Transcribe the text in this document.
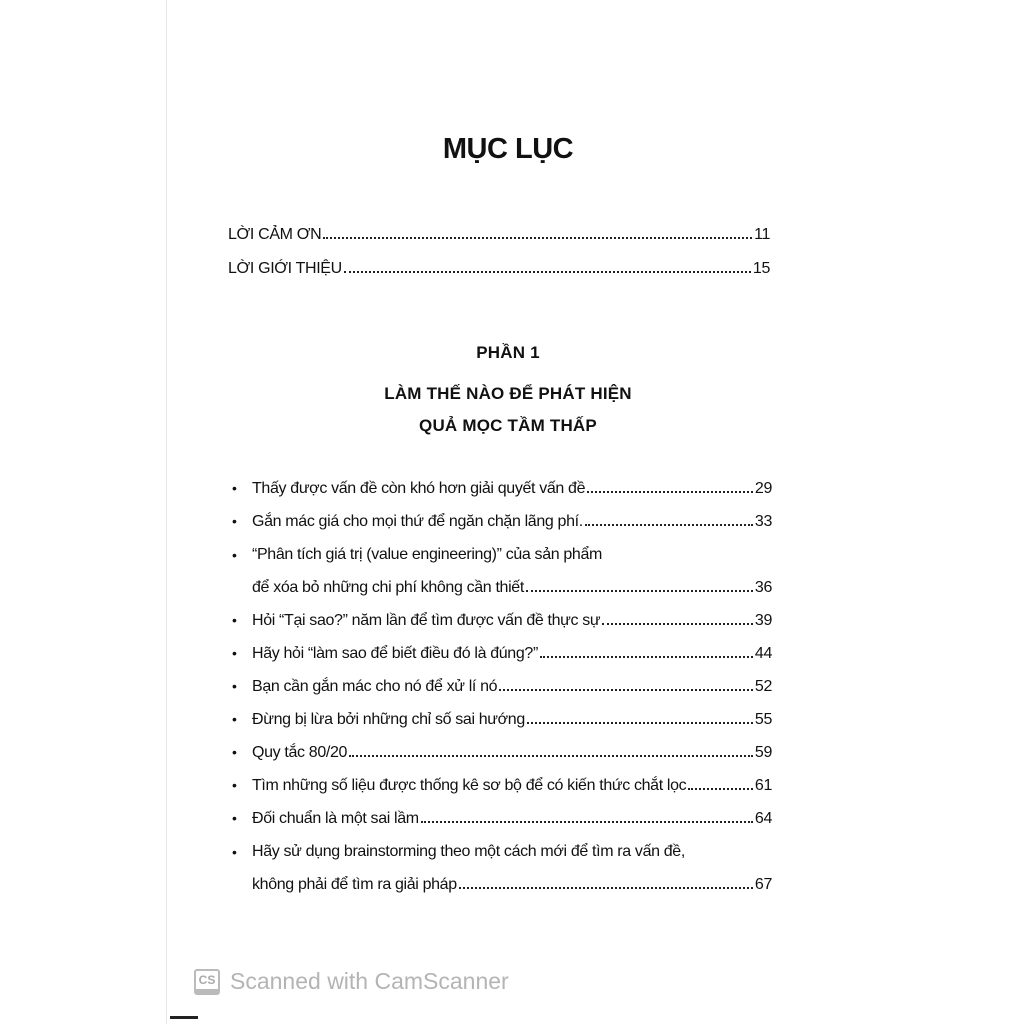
MỤC LỤC
LỜI CẢM ƠN	11
LỜI GIỚI THIỆU	15
PHẦN 1
LÀM THẾ NÀO ĐỂ PHÁT HIỆN
QUẢ MỌC TẦM THẤP
• Thấy được vấn đề còn khó hơn giải quyết vấn đề	29
• Gắn mác giá cho mọi thứ để ngăn chặn lãng phí.	33
“Phân tích giá trị (value engineering)” của sản phẩm
•
để xóa bỏ những chi phí không cần thiết	36
• Hỏi “Tại sao?” năm lần để tìm được vấn đề thực sự	39
• Hãy hỏi “làm sao để biết điều đó là đúng?”	44
• Bạn cần gắn mác cho nó để xử lí nó	52
• Đừng bị lừa bởi những chỉ số sai hướng	55
• Quy tắc 80/20	59
• Tìm những số liệu được thống kê sơ bộ để có kiến thức chắt lọc	61
• Đối chuẩn là một sai lầm	64
Hãy sử dụng brainstorming theo một cách mới để tìm ra vấn đề,
•
không phải để tìm ra giải pháp	67
CS Scanned with CamScanner
